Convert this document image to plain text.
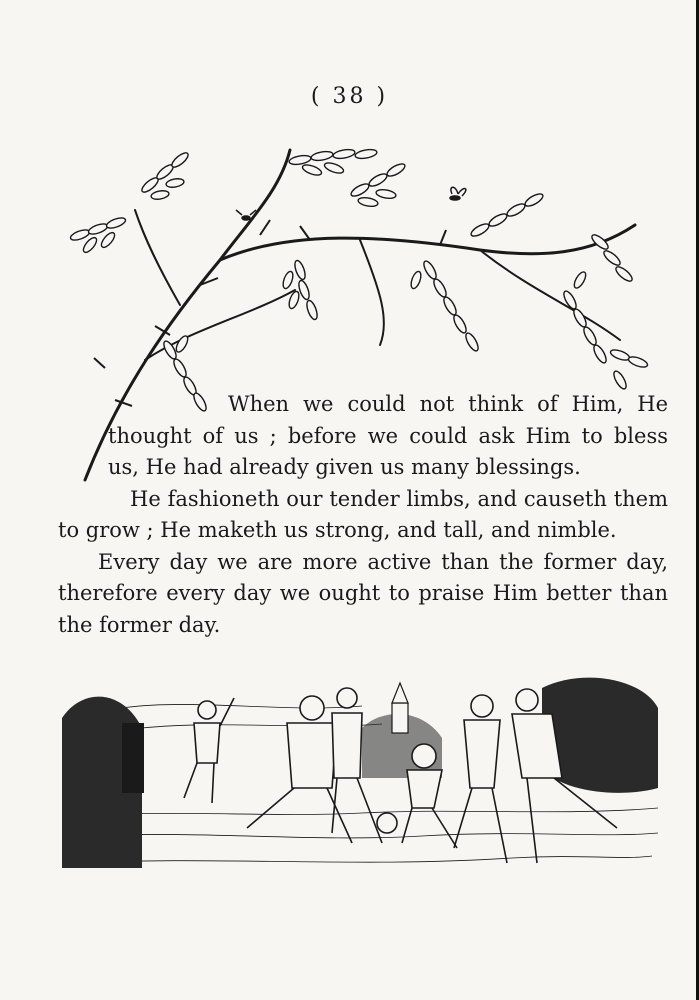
( 38 )

When we could not think of Him, He

thought of us ; before we could ask Him to bless

us, He had already given us many blessings.

He fashioneth our tender limbs, and causeth them to grow ; He maketh us strong, and tall, and nimble.

Every day we are more active than the former day, therefore every day we ought to praise Him better than the former day.
